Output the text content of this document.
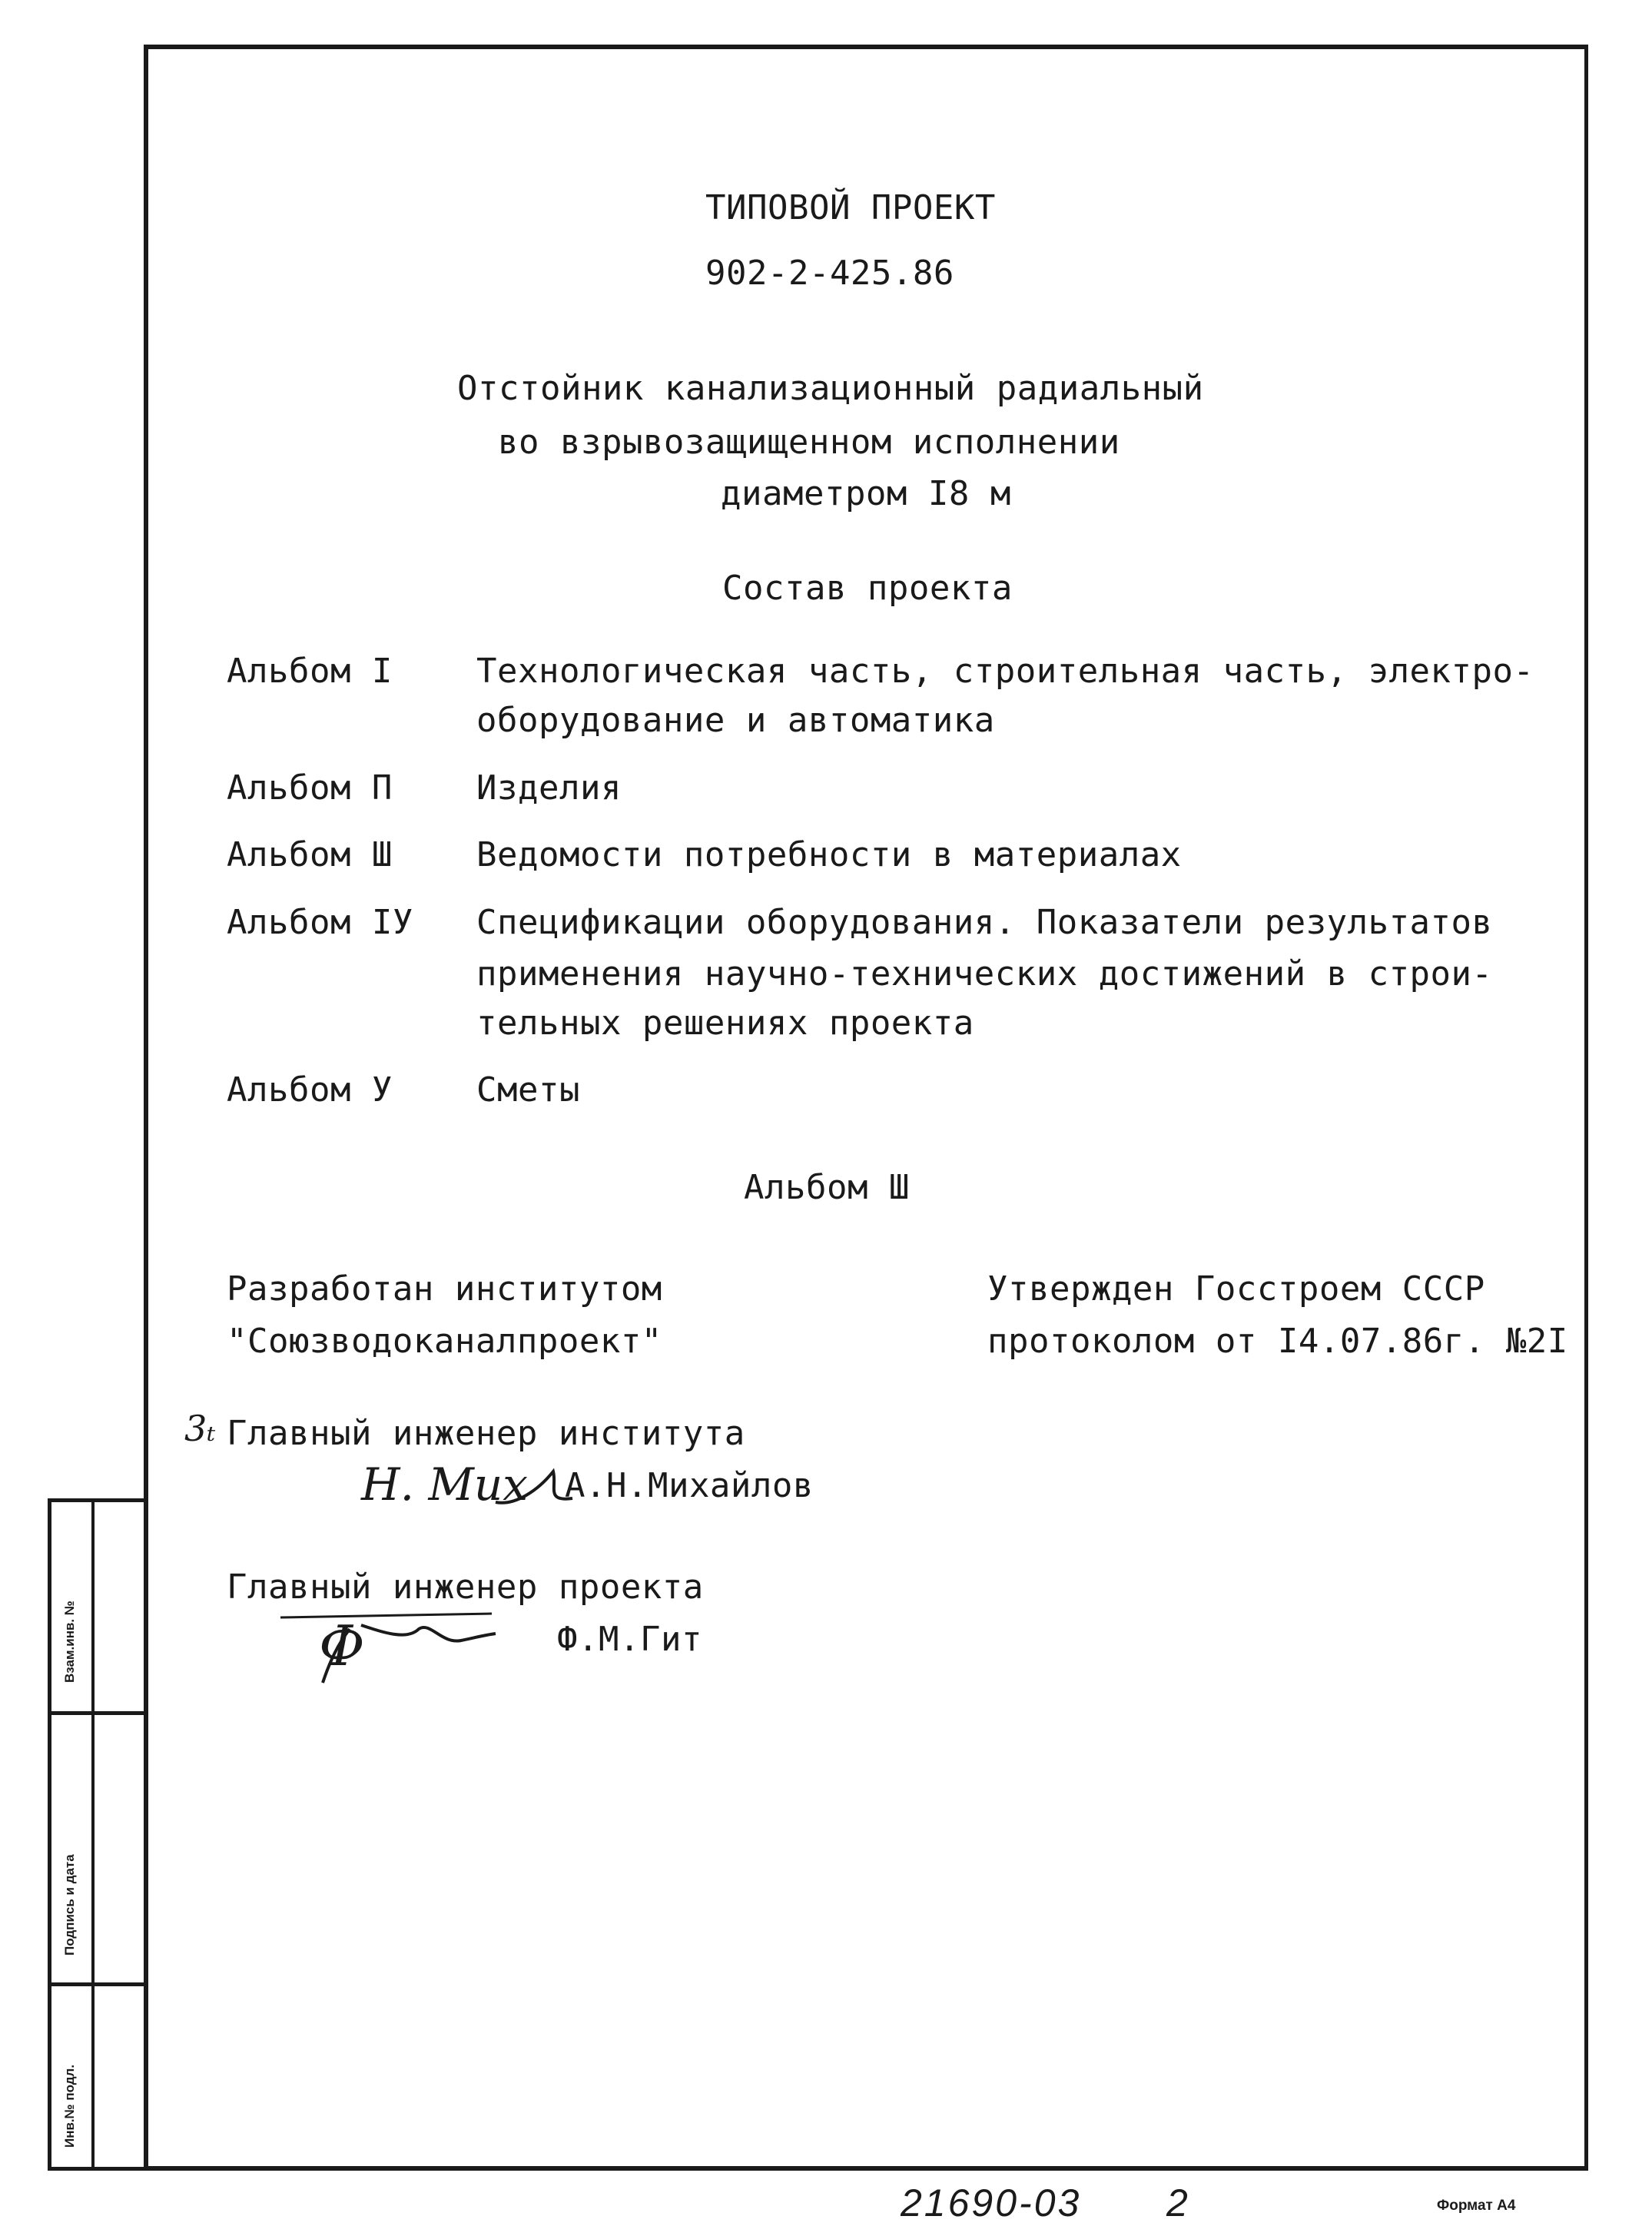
ТИПОВОЙ ПРОЕКТ
902-2-425.86
Отстойник канализационный радиальный
во взрывозащищенном исполнении
диаметром I8 м
Состав проекта
Альбом I Технологическая часть, строительная часть, электро-
оборудование и автоматика
Альбом П Изделия
Альбом Ш Ведомости потребности в материалах
Альбом IУ Спецификации оборудования. Показатели результатов
применения научно-технических достижений в строи-
тельных решениях проекта
Альбом У Сметы
Альбом Ш
Разработан институтом
"Союзводоканалпроект"
Утвержден Госстроем СССР
протоколом от I4.07.86г. №2I
3ₜ Главный инженер института
Н. Мих А.Н.Михайлов
Главный инженер проекта
Ф	Ф.М.Гит
Взам.инв. №
Подпись и дата
Инв.№ подл.
21690-03 2	Формат А4
